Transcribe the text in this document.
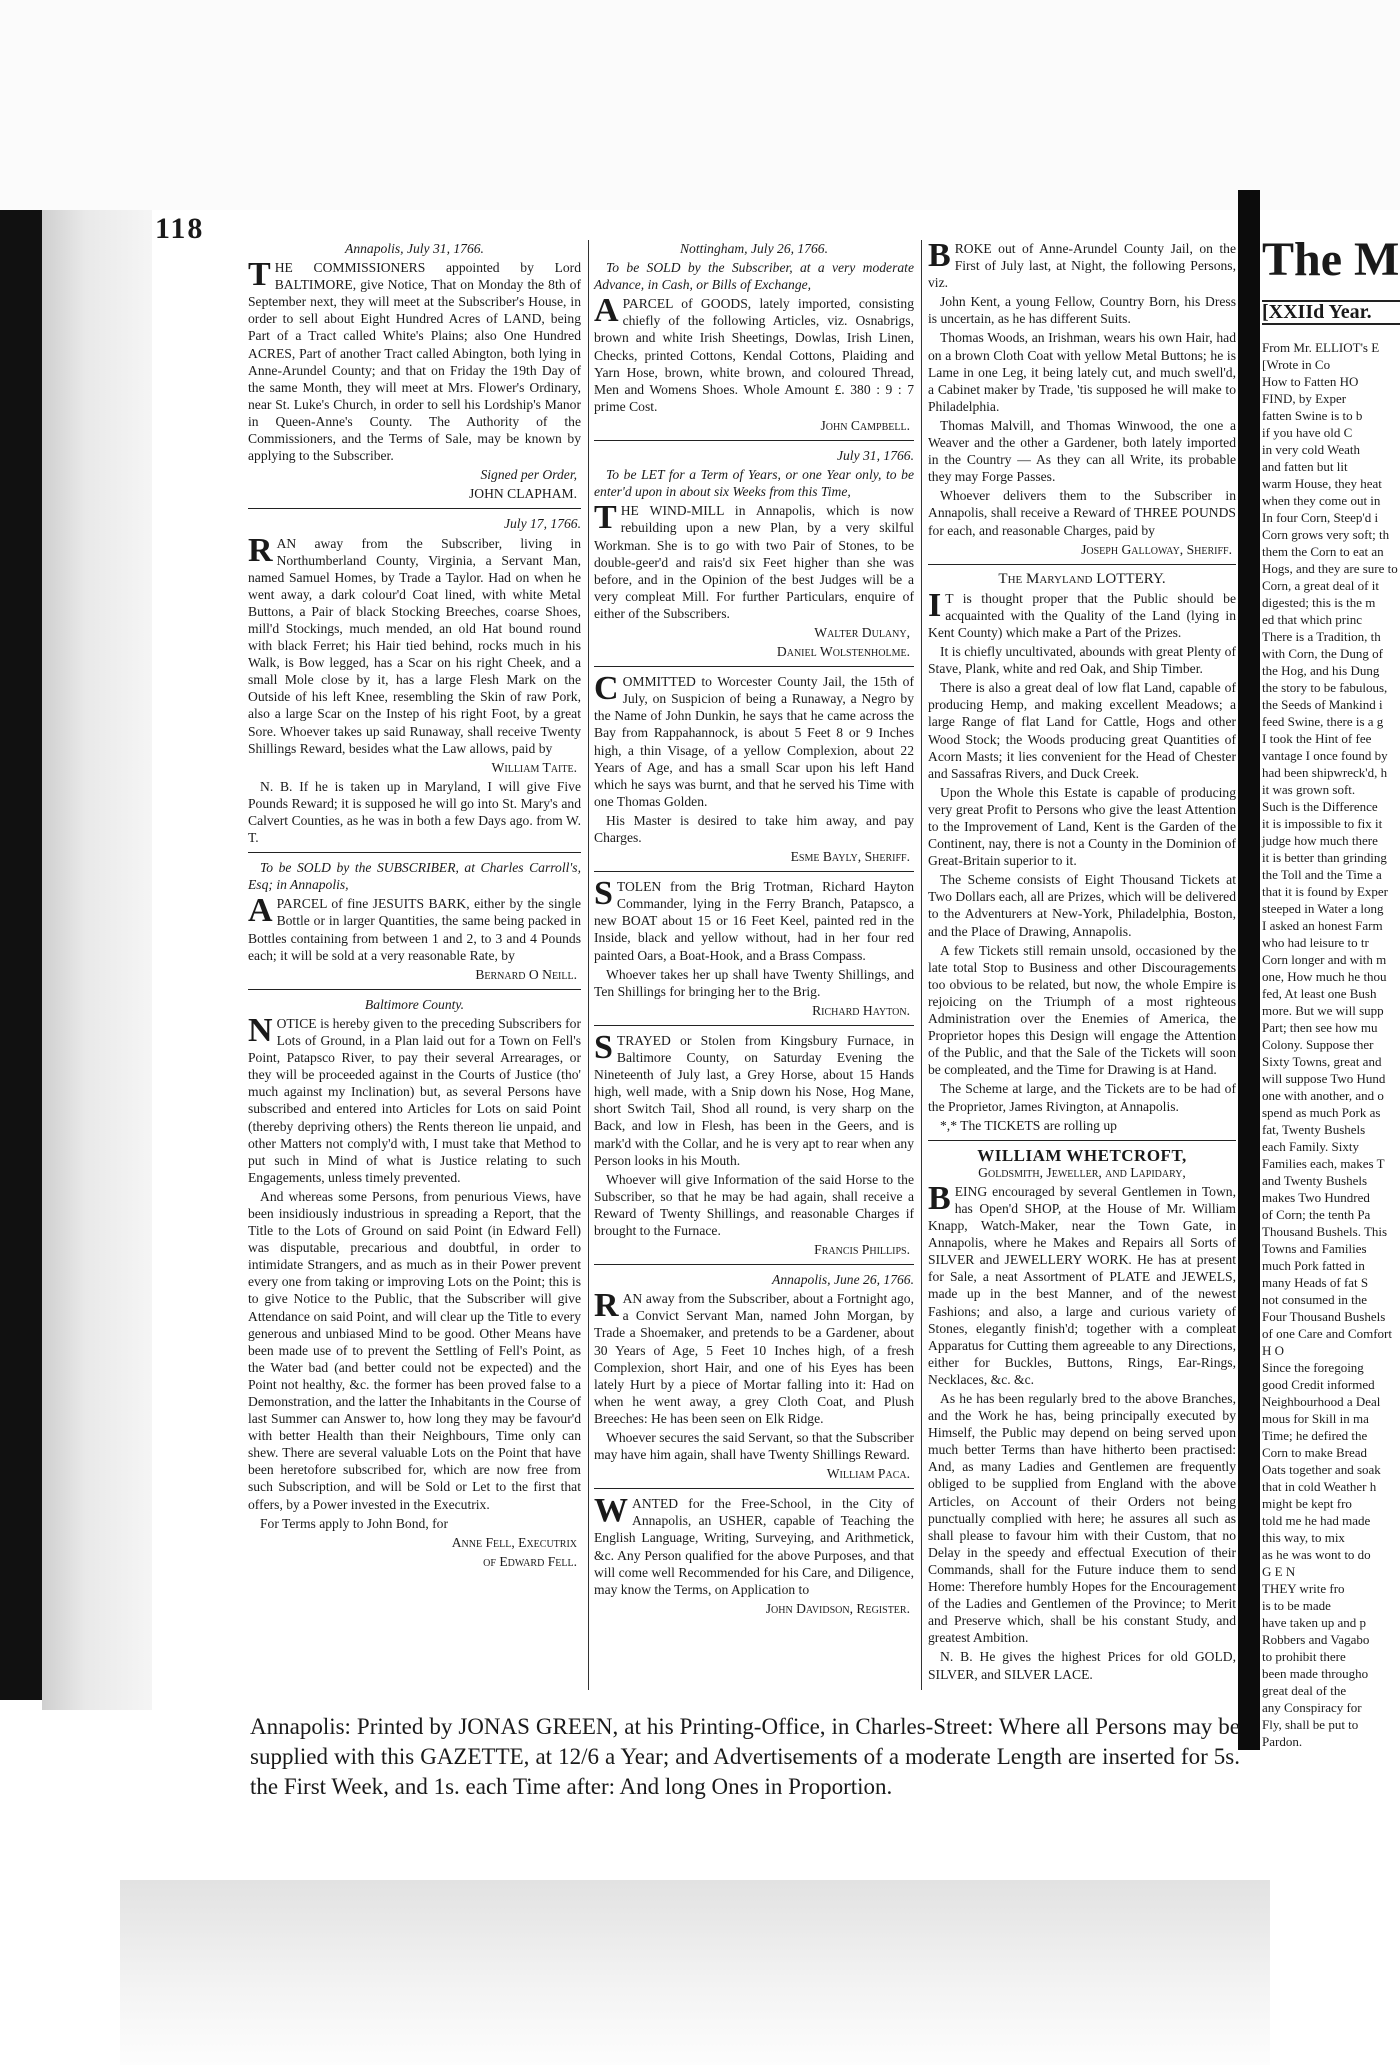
118

Annapolis, July 31, 1766.

THE COMMISSIONERS appointed by Lord BALTIMORE, give Notice, That on Monday the 8th of September next, they will meet at the Subscriber's House, in order to sell about Eight Hundred Acres of LAND, being Part of a Tract called White's Plains; also One Hundred ACRES, Part of another Tract called Abington, both lying in Anne-Arundel County; and that on Friday the 19th Day of the same Month, they will meet at Mrs. Flower's Ordinary, near St. Luke's Church, in order to sell his Lordship's Manor in Queen-Anne's County. The Authority of the Commissioners, and the Terms of Sale, may be known by applying to the Subscriber.

Signed per Order,

JOHN CLAPHAM.

July 17, 1766.

RAN away from the Subscriber, living in Northumberland County, Virginia, a Servant Man, named Samuel Homes, by Trade a Taylor. Had on when he went away, a dark colour'd Coat lined, with white Metal Buttons, a Pair of black Stocking Breeches, coarse Shoes, mill'd Stockings, much mended, an old Hat bound round with black Ferret; his Hair tied behind, rocks much in his Walk, is Bow legged, has a Scar on his right Cheek, and a small Mole close by it, has a large Flesh Mark on the Outside of his left Knee, resembling the Skin of raw Pork, also a large Scar on the Instep of his right Foot, by a great Sore. Whoever takes up said Runaway, shall receive Twenty Shillings Reward, besides what the Law allows, paid by

William Taite.

N. B. If he is taken up in Maryland, I will give Five Pounds Reward; it is supposed he will go into St. Mary's and Calvert Counties, as he was in both a few Days ago. from W. T.

To be SOLD by the SUBSCRIBER, at Charles Carroll's, Esq; in Annapolis,

APARCEL of fine JESUITS BARK, either by the single Bottle or in larger Quantities, the same being packed in Bottles containing from between 1 and 2, to 3 and 4 Pounds each; it will be sold at a very reasonable Rate, by

Bernard O Neill.

Baltimore County.

NOTICE is hereby given to the preceding Subscribers for Lots of Ground, in a Plan laid out for a Town on Fell's Point, Patapsco River, to pay their several Arrearages, or they will be proceeded against in the Courts of Justice (tho' much against my Inclination) but, as several Persons have subscribed and entered into Articles for Lots on said Point (thereby depriving others) the Rents thereon lie unpaid, and other Matters not comply'd with, I must take that Method to put such in Mind of what is Justice relating to such Engagements, unless timely prevented.

And whereas some Persons, from penurious Views, have been insidiously industrious in spreading a Report, that the Title to the Lots of Ground on said Point (in Edward Fell) was disputable, precarious and doubtful, in order to intimidate Strangers, and as much as in their Power prevent every one from taking or improving Lots on the Point; this is to give Notice to the Public, that the Subscriber will give Attendance on said Point, and will clear up the Title to every generous and unbiased Mind to be good. Other Means have been made use of to prevent the Settling of Fell's Point, as the Water bad (and better could not be expected) and the Point not healthy, &c. the former has been proved false to a Demonstration, and the latter the Inhabitants in the Course of last Summer can Answer to, how long they may be favour'd with better Health than their Neighbours, Time only can shew. There are several valuable Lots on the Point that have been heretofore subscribed for, which are now free from such Subscription, and will be Sold or Let to the first that offers, by a Power invested in the Executrix.

For Terms apply to John Bond, for

Anne Fell, Executrix

of Edward Fell.

Nottingham, July 26, 1766.

To be SOLD by the Subscriber, at a very moderate Advance, in Cash, or Bills of Exchange,

APARCEL of GOODS, lately imported, consisting chiefly of the following Articles, viz. Osnabrigs, brown and white Irish Sheetings, Dowlas, Irish Linen, Checks, printed Cottons, Kendal Cottons, Plaiding and Yarn Hose, brown, white brown, and coloured Thread, Men and Womens Shoes. Whole Amount £. 380 : 9 : 7 prime Cost.

John Campbell.

July 31, 1766.

To be LET for a Term of Years, or one Year only, to be enter'd upon in about six Weeks from this Time,

THE WIND-MILL in Annapolis, which is now rebuilding upon a new Plan, by a very skilful Workman. She is to go with two Pair of Stones, to be double-geer'd and rais'd six Feet higher than she was before, and in the Opinion of the best Judges will be a very compleat Mill. For further Particulars, enquire of either of the Subscribers.

Walter Dulany,

Daniel Wolstenholme.

COMMITTED to Worcester County Jail, the 15th of July, on Suspicion of being a Runaway, a Negro by the Name of John Dunkin, he says that he came across the Bay from Rappahannock, is about 5 Feet 8 or 9 Inches high, a thin Visage, of a yellow Complexion, about 22 Years of Age, and has a small Scar upon his left Hand which he says was burnt, and that he served his Time with one Thomas Golden.

His Master is desired to take him away, and pay Charges.

Esme Bayly, Sheriff.

STOLEN from the Brig Trotman, Richard Hayton Commander, lying in the Ferry Branch, Patapsco, a new BOAT about 15 or 16 Feet Keel, painted red in the Inside, black and yellow without, had in her four red painted Oars, a Boat-Hook, and a Brass Compass.

Whoever takes her up shall have Twenty Shillings, and Ten Shillings for bringing her to the Brig.

Richard Hayton.

STRAYED or Stolen from Kingsbury Furnace, in Baltimore County, on Saturday Evening the Nineteenth of July last, a Grey Horse, about 15 Hands high, well made, with a Snip down his Nose, Hog Mane, short Switch Tail, Shod all round, is very sharp on the Back, and low in Flesh, has been in the Geers, and is mark'd with the Collar, and he is very apt to rear when any Person looks in his Mouth.

Whoever will give Information of the said Horse to the Subscriber, so that he may be had again, shall receive a Reward of Twenty Shillings, and reasonable Charges if brought to the Furnace.

Francis Phillips.

Annapolis, June 26, 1766.

RAN away from the Subscriber, about a Fortnight ago, a Convict Servant Man, named John Morgan, by Trade a Shoemaker, and pretends to be a Gardener, about 30 Years of Age, 5 Feet 10 Inches high, of a fresh Complexion, short Hair, and one of his Eyes has been lately Hurt by a piece of Mortar falling into it: Had on when he went away, a grey Cloth Coat, and Plush Breeches: He has been seen on Elk Ridge.

Whoever secures the said Servant, so that the Subscriber may have him again, shall have Twenty Shillings Reward.

William Paca.

WANTED for the Free-School, in the City of Annapolis, an USHER, capable of Teaching the English Language, Writing, Surveying, and Arithmetick, &c. Any Person qualified for the above Purposes, and that will come well Recommended for his Care, and Diligence, may know the Terms, on Application to

John Davidson, Register.

BROKE out of Anne-Arundel County Jail, on the First of July last, at Night, the following Persons, viz.

John Kent, a young Fellow, Country Born, his Dress is uncertain, as he has different Suits.

Thomas Woods, an Irishman, wears his own Hair, had on a brown Cloth Coat with yellow Metal Buttons; he is Lame in one Leg, it being lately cut, and much swell'd, a Cabinet maker by Trade, 'tis supposed he will make to Philadelphia.

Thomas Malvill, and Thomas Winwood, the one a Weaver and the other a Gardener, both lately imported in the Country — As they can all Write, its probable they may Forge Passes.

Whoever delivers them to the Subscriber in Annapolis, shall receive a Reward of THREE POUNDS for each, and reasonable Charges, paid by

Joseph Galloway, Sheriff.

The Maryland LOTTERY.

I T is thought proper that the Public should be acquainted with the Quality of the Land (lying in Kent County) which make a Part of the Prizes.

It is chiefly uncultivated, abounds with great Plenty of Stave, Plank, white and red Oak, and Ship Timber.

There is also a great deal of low flat Land, capable of producing Hemp, and making excellent Meadows; a large Range of flat Land for Cattle, Hogs and other Wood Stock; the Woods producing great Quantities of Acorn Masts; it lies convenient for the Head of Chester and Sassafras Rivers, and Duck Creek.

Upon the Whole this Estate is capable of producing very great Profit to Persons who give the least Attention to the Improvement of Land, Kent is the Garden of the Continent, nay, there is not a County in the Dominion of Great-Britain superior to it.

The Scheme consists of Eight Thousand Tickets at Two Dollars each, all are Prizes, which will be delivered to the Adventurers at New-York, Philadelphia, Boston, and the Place of Drawing, Annapolis.

A few Tickets still remain unsold, occasioned by the late total Stop to Business and other Discouragements too obvious to be related, but now, the whole Empire is rejoicing on the Triumph of a most righteous Administration over the Enemies of America, the Proprietor hopes this Design will engage the Attention of the Public, and that the Sale of the Tickets will soon be compleated, and the Time for Drawing is at Hand.

The Scheme at large, and the Tickets are to be had of the Proprietor, James Rivington, at Annapolis.

*,* The TICKETS are rolling up

WILLIAM WHETCROFT,

Goldsmith, Jeweller, and Lapidary,

BEING encouraged by several Gentlemen in Town, has Open'd SHOP, at the House of Mr. William Knapp, Watch-Maker, near the Town Gate, in Annapolis, where he Makes and Repairs all Sorts of SILVER and JEWELLERY WORK. He has at present for Sale, a neat Assortment of PLATE and JEWELS, made up in the best Manner, and of the newest Fashions; and also, a large and curious variety of Stones, elegantly finish'd; together with a compleat Apparatus for Cutting them agreeable to any Directions, either for Buckles, Buttons, Rings, Ear-Rings, Necklaces, &c. &c.

As he has been regularly bred to the above Branches, and the Work he has, being principally executed by Himself, the Public may depend on being served upon much better Terms than have hitherto been practised: And, as many Ladies and Gentlemen are frequently obliged to be supplied from England with the above Articles, on Account of their Orders not being punctually complied with here; he assures all such as shall please to favour him with their Custom, that no Delay in the speedy and effectual Execution of their Commands, shall for the Future induce them to send Home: Therefore humbly Hopes for the Encouragement of the Ladies and Gentlemen of the Province; to Merit and Preserve which, shall be his constant Study, and greatest Ambition.

N. B. He gives the highest Prices for old GOLD, SILVER, and SILVER LACE.

Annapolis: Printed by JONAS GREEN, at his Printing-Office, in Charles-Street: Where all Persons may be supplied with this GAZETTE, at 12/6 a Year; and Advertisements of a moderate Length are inserted for 5s. the First Week, and 1s. each Time after: And long Ones in Proportion.
The M
[XXIId Year.

From Mr. ELLIOT's E

[Wrote in Co

How to Fatten HO

FIND, by Exper

fatten Swine is to b

if you have old C

in very cold Weath

and fatten but lit

warm House, they heat

when they come out in

In four Corn, Steep'd i

Corn grows very soft; th

them the Corn to eat an

Hogs, and they are sure to

Corn, a great deal of it

digested; this is the m

ed that which princ

There is a Tradition, th

with Corn, the Dung of

the Hog, and his Dung

the story to be fabulous,

the Seeds of Mankind i

feed Swine, there is a g

I took the Hint of fee

vantage I once found by

had been shipwreck'd, h

it was grown soft.

Such is the Difference

it is impossible to fix it

judge how much there

it is better than grinding

the Toll and the Time a

that it is found by Exper

steeped in Water a long

I asked an honest Farm

who had leisure to tr

Corn longer and with m

one, How much he thou

fed, At least one Bush

more. But we will supp

Part; then see how mu

Colony. Suppose ther

Sixty Towns, great and

will suppose Two Hund

one with another, and o

spend as much Pork as

fat, Twenty Bushels

each Family. Sixty

Families each, makes T

and Twenty Bushels

makes Two Hundred

of Corn; the tenth Pa

Thousand Bushels. This

Towns and Families

much Pork fatted in

many Heads of fat S

not consumed in the

Four Thousand Bushels

of one Care and Comfort

H O

Since the foregoing

good Credit informed

Neighbourhood a Deal

mous for Skill in ma

Time; he defired the

Corn to make Bread

Oats together and soak

that in cold Weather h

might be kept fro

told me he had made

this way, to mix

as he was wont to do

G E N

THEY write fro

is to be made

have taken up and p

Robbers and Vagabo

to prohibit there

been made througho

great deal of the

any Conspiracy for

Fly, shall be put to

Pardon.
